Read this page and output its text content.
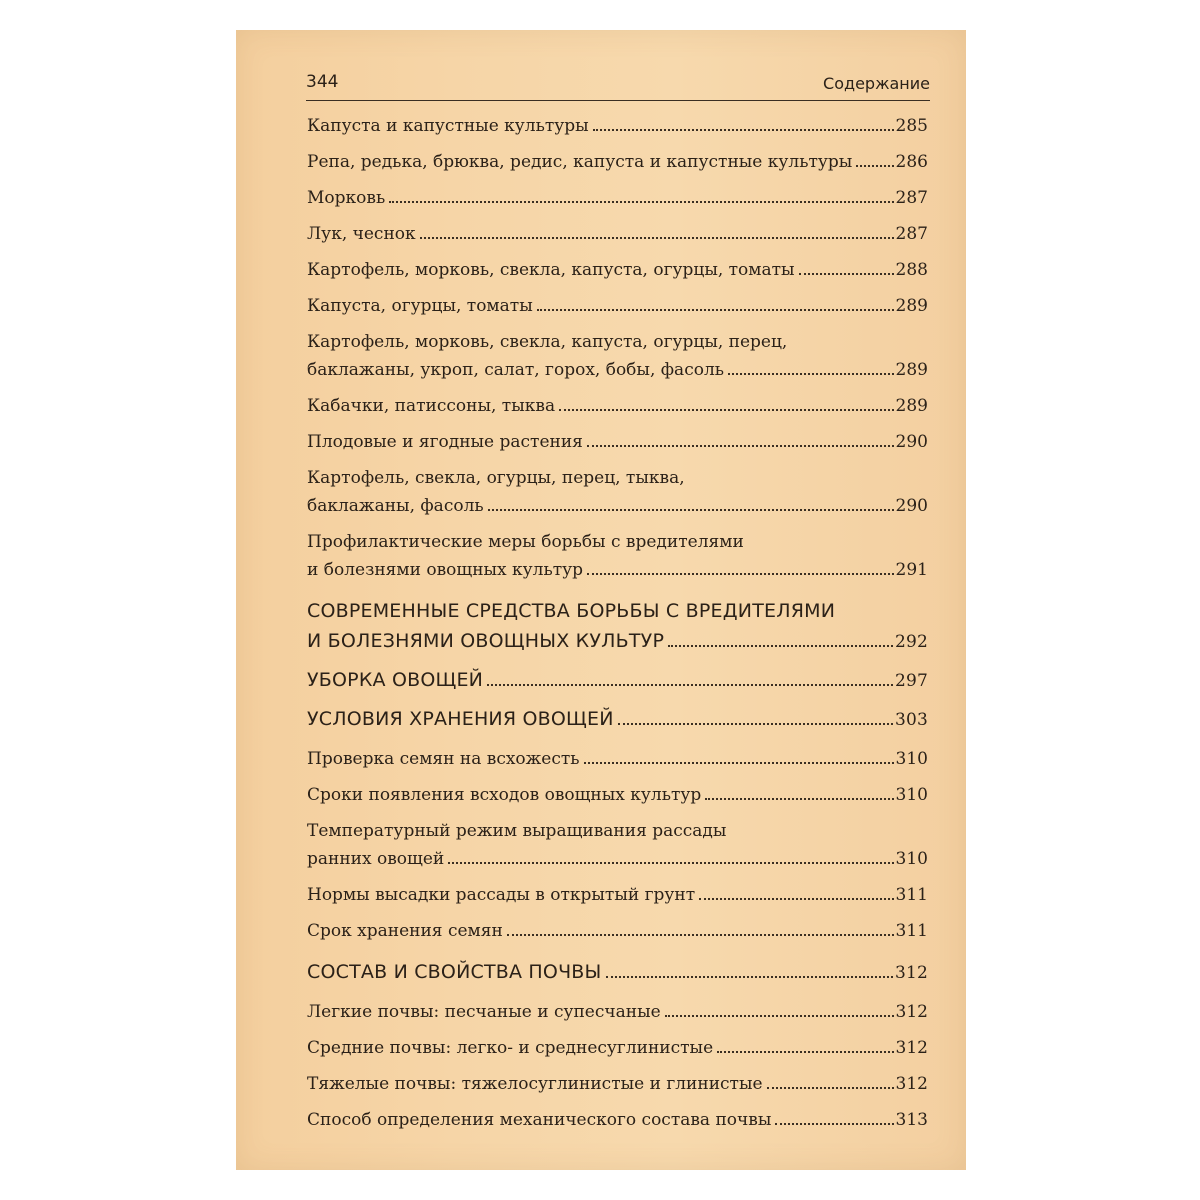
344	Содержание
Капуста и капустные культуры	285
Репа, редька, брюква, редис, капуста и капустные культуры	286
Морковь	287
Лук, чеснок	287
Картофель, морковь, свекла, капуста, огурцы, томаты	288
Капуста, огурцы, томаты	289
Картофель, морковь, свекла, капуста, огурцы, перец,
баклажаны, укроп, салат, горох, бобы, фасоль	289
Кабачки, патиссоны, тыква	289
Плодовые и ягодные растения	290
Картофель, свекла, огурцы, перец, тыква,
баклажаны, фасоль	290
Профилактические меры борьбы с вредителями
и болезнями овощных культур	291
СОВРЕМЕННЫЕ СРЕДСТВА БОРЬБЫ С ВРЕДИТЕЛЯМИ
И БОЛЕЗНЯМИ ОВОЩНЫХ КУЛЬТУР	292
УБОРКА ОВОЩЕЙ	297
УСЛОВИЯ ХРАНЕНИЯ ОВОЩЕЙ	303
Проверка семян на всхожесть	310
Сроки появления всходов овощных культур	310
Температурный режим выращивания рассады
ранних овощей	310
Нормы высадки рассады в открытый грунт	311
Срок хранения семян	311
СОСТАВ И СВОЙСТВА ПОЧВЫ	312
Легкие почвы: песчаные и супесчаные	312
Средние почвы: легко- и среднесуглинистые	312
Тяжелые почвы: тяжелосуглинистые и глинистые	312
Способ определения механического состава почвы	313
